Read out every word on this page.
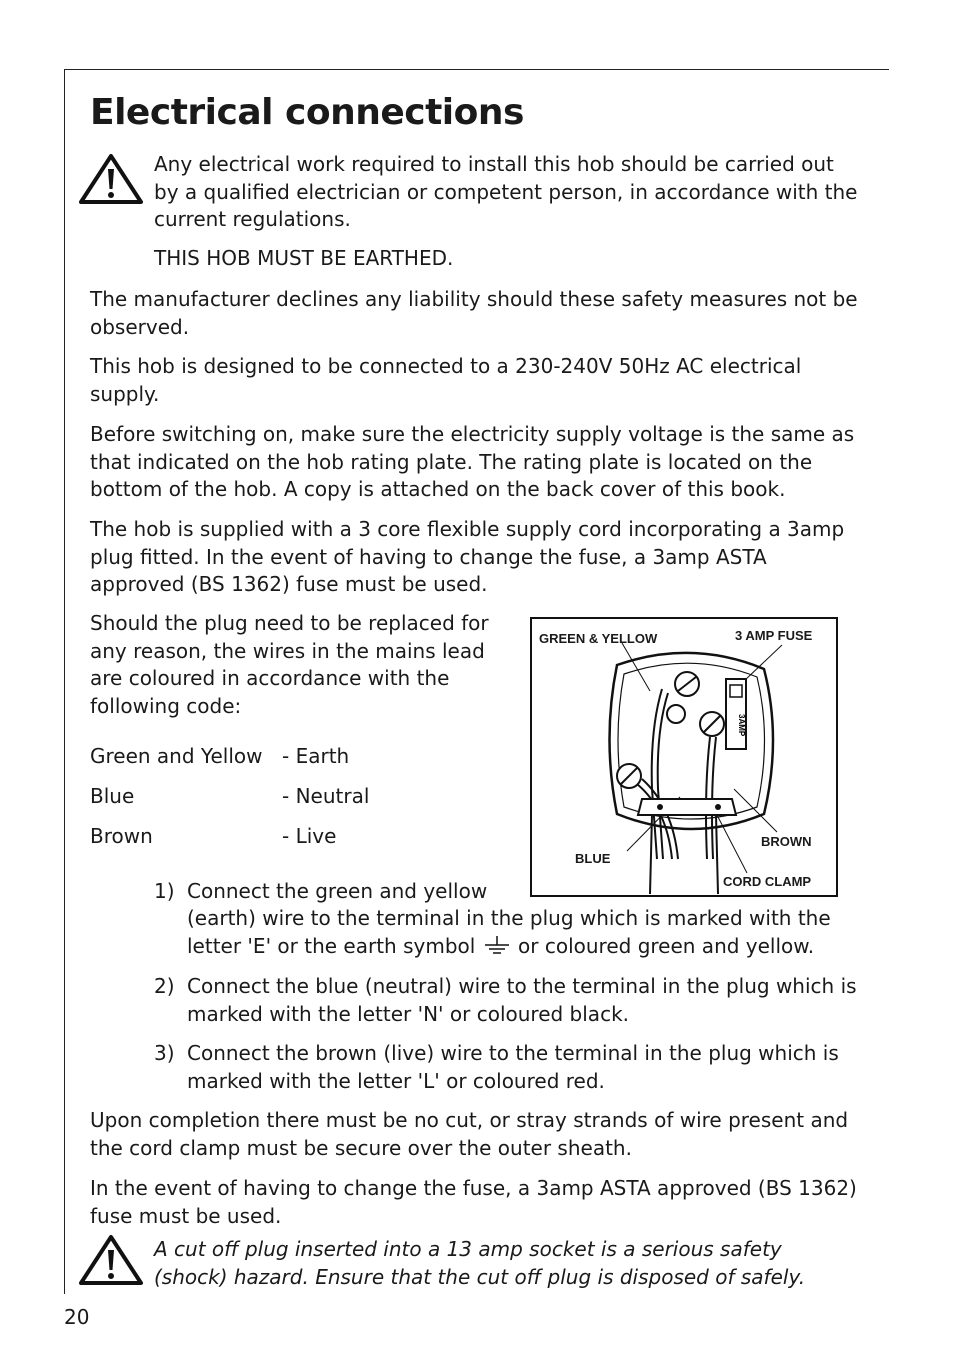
Electrical connections

Any electrical work required to install this hob should be carried out by a qualified electrician or competent person, in accordance with the current regulations.

THIS HOB MUST BE EARTHED.

The manufacturer declines any liability should these safety measures not be observed.

This hob is designed to be connected to a 230-240V 50Hz AC electrical supply.

Before switching on, make sure the electricity supply voltage is the same as that indicated on the hob rating plate. The rating plate is located on the bottom of the hob. A copy is attached on the back cover of this book.

The hob is supplied with a 3 core flexible supply cord incorporating a 3amp plug fitted. In the event of having to change the fuse, a 3amp ASTA approved (BS 1362) fuse must be used.

Should the plug need to be replaced for any reason, the wires in the mains lead are coloured in accordance with the following code:

Green and Yellow - Earth
Blue	- Neutral
Brown	- Live
GREEN & YELLOW	3 AMP FUSE
BLUE
BROWN
CORD CLAMP
3AMP
1) Connect the green and yellow
(earth) wire to the terminal in the plug which is marked with the
letter 'E' or the earth symbol or coloured green and yellow.
2) Connect the blue (neutral) wire to the terminal in the plug which is marked with the letter 'N' or coloured black.

3) Connect the brown (live) wire to the terminal in the plug which is marked with the letter 'L' or coloured red.

Upon completion there must be no cut, or stray strands of wire present and the cord clamp must be secure over the outer sheath.

In the event of having to change the fuse, a 3amp ASTA approved (BS 1362) fuse must be used.

A cut off plug inserted into a 13 amp socket is a serious safety (shock) hazard. Ensure that the cut off plug is disposed of safely.

20
